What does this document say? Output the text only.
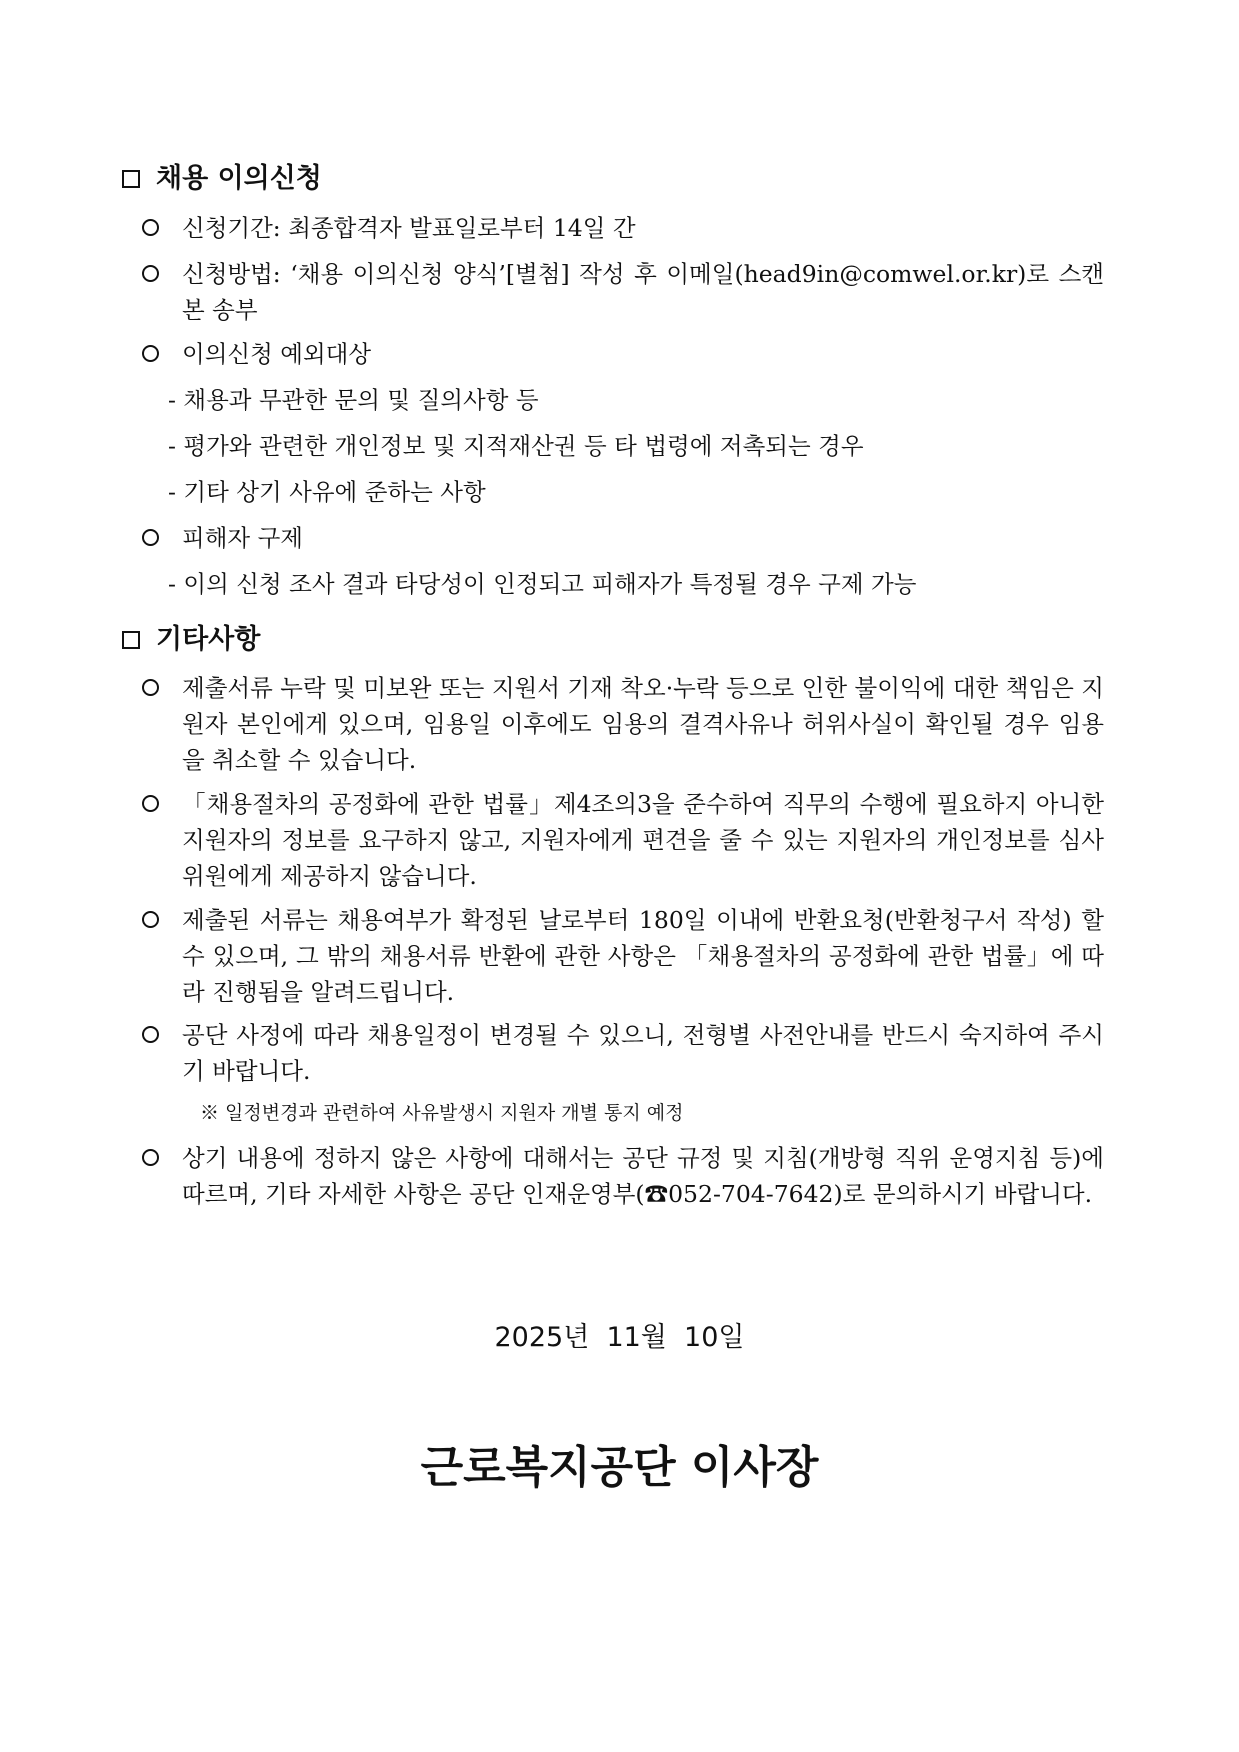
채용 이의신청
신청기간: 최종합격자 발표일로부터 14일 간
신청방법: ‘채용 이의신청 양식’[별첨] 작성 후 이메일(head9in@comwel.or.kr)로 스캔본 송부
이의신청 예외대상
- 채용과 무관한 문의 및 질의사항 등
- 평가와 관련한 개인정보 및 지적재산권 등 타 법령에 저촉되는 경우
- 기타 상기 사유에 준하는 사항
피해자 구제
- 이의 신청 조사 결과 타당성이 인정되고 피해자가 특정될 경우 구제 가능
기타사항
제출서류 누락 및 미보완 또는 지원서 기재 착오·누락 등으로 인한 불이익에 대한 책임은 지원자 본인에게 있으며, 임용일 이후에도 임용의 결격사유나 허위사실이 확인될 경우 임용을 취소할 수 있습니다.
「채용절차의 공정화에 관한 법률」제4조의3을 준수하여 직무의 수행에 필요하지 아니한 지원자의 정보를 요구하지 않고, 지원자에게 편견을 줄 수 있는 지원자의 개인정보를 심사위원에게 제공하지 않습니다.
제출된 서류는 채용여부가 확정된 날로부터 180일 이내에 반환요청(반환청구서 작성) 할 수 있으며, 그 밖의 채용서류 반환에 관한 사항은 「채용절차의 공정화에 관한 법률」에 따라 진행됨을 알려드립니다.
공단 사정에 따라 채용일정이 변경될 수 있으니, 전형별 사전안내를 반드시 숙지하여 주시기 바랍니다.
※ 일정변경과 관련하여 사유발생시 지원자 개별 통지 예정
상기 내용에 정하지 않은 사항에 대해서는 공단 규정 및 지침(개방형 직위 운영지침 등)에 따르며, 기타 자세한 사항은 공단 인재운영부(☎052-704-7642)로 문의하시기 바랍니다.
2025년  11월  10일
근로복지공단 이사장
